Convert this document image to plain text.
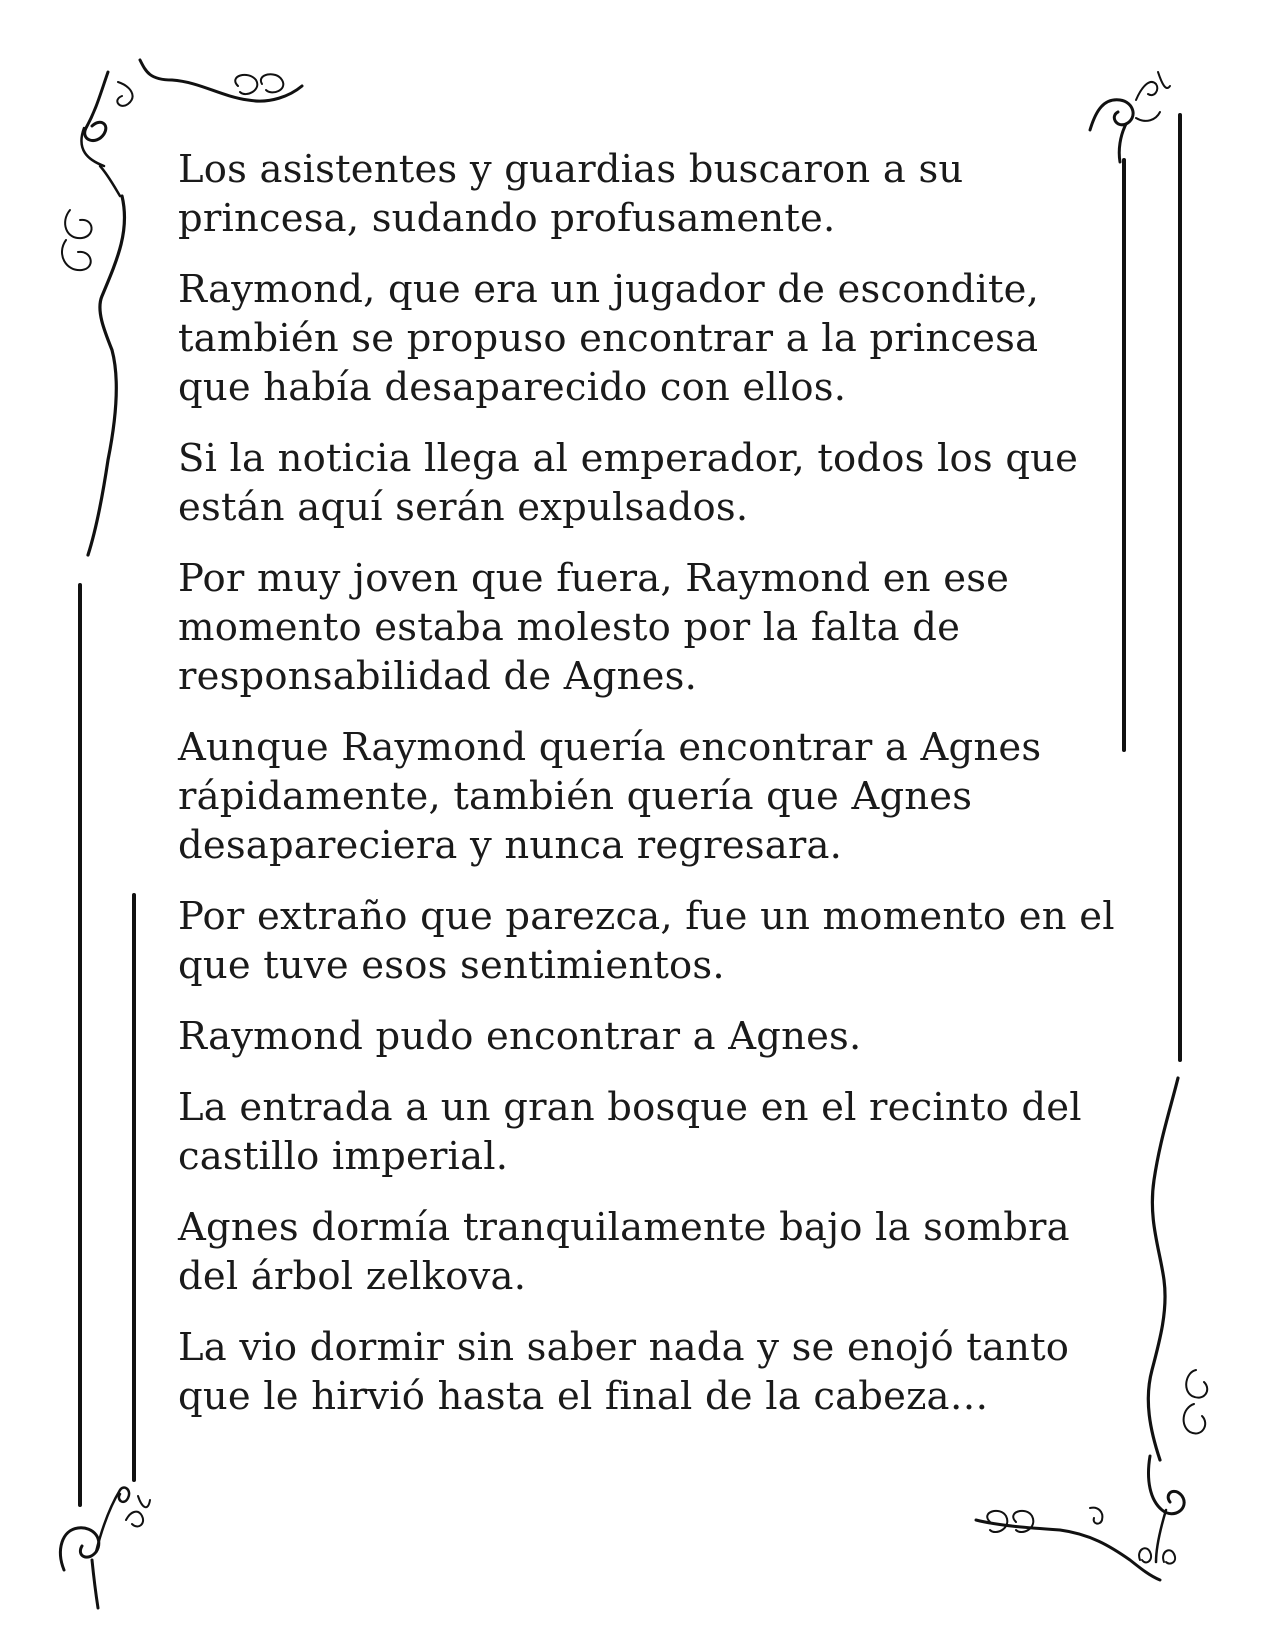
Los asistentes y guardias buscaron a su princesa, sudando profusamente.

Raymond, que era un jugador de escondite, también se propuso encontrar a la princesa que había desaparecido con ellos.

Si la noticia llega al emperador, todos los que están aquí serán expulsados.

Por muy joven que fuera, Raymond en ese momento estaba molesto por la falta de responsabilidad de Agnes.

Aunque Raymond quería encontrar a Agnes rápidamente, también quería que Agnes desapareciera y nunca regresara.

Por extraño que parezca, fue un momento en el que tuve esos sentimientos.

Raymond pudo encontrar a Agnes.

La entrada a un gran bosque en el recinto del castillo imperial.

Agnes dormía tranquilamente bajo la sombra del árbol zelkova.

La vio dormir sin saber nada y se enojó tanto que le hirvió hasta el final de la cabeza…
